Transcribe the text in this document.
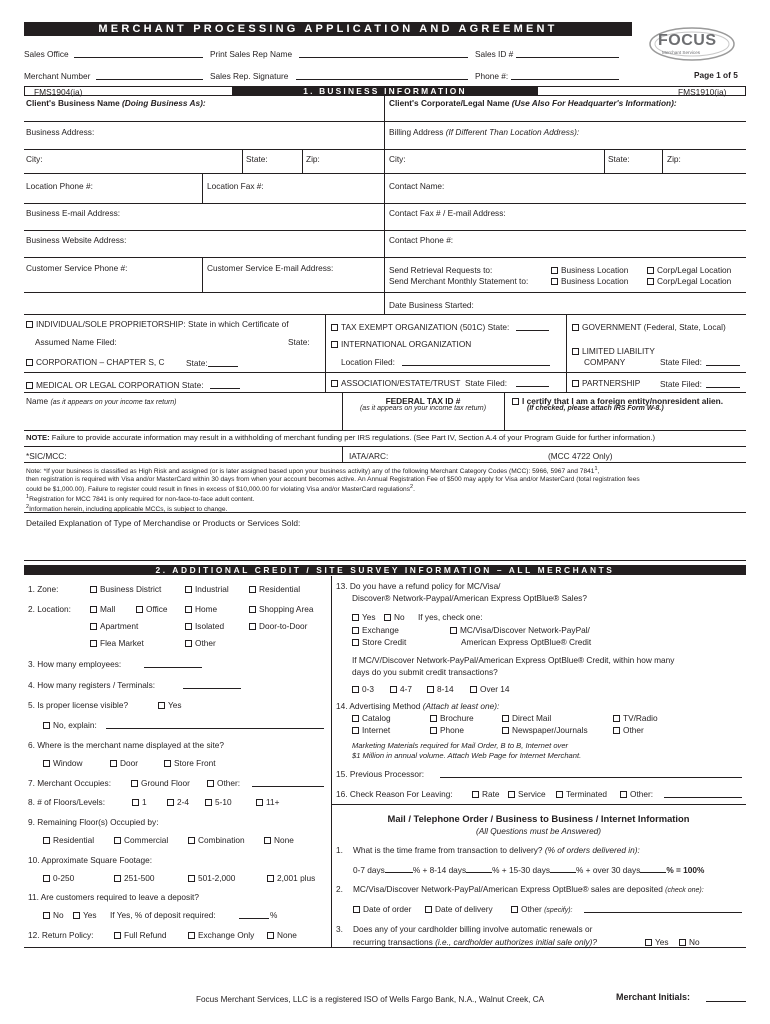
MERCHANT PROCESSING APPLICATION AND AGREEMENT
FOCUS
Merchant Services
Sales Office	Print Sales Rep Name	Sales ID #
Merchant Number	Sales Rep. Signature	Phone #:	Page 1 of 5
FMS1904(ia)	1. BUSINESS INFORMATION	FMS1910(ia)
Client's Business Name (Doing Business As):	Client's Corporate/Legal Name (Use Also For Headquarter's Information):
Business Address:	Billing Address (If Different Than Location Address):
City:	State:	Zip:	City:	State:	Zip:
Location Phone #:	Location Fax #:	Contact Name:
Business E-mail Address:	Contact Fax # / E-mail Address:
Business Website Address:	Contact Phone #:
Customer Service Phone #:	Customer Service E-mail Address:	Send Retrieval Requests to:	Business Location	Corp/Legal Location
Send Merchant Monthly Statement to:	Business Location	Corp/Legal Location
Date Business Started:
INDIVIDUAL/SOLE PROPRIETORSHIP: State in which Certificate of
Assumed Name Filed:	State:
CORPORATION – CHAPTER S, C	State:
MEDICAL OR LEGAL CORPORATION State:
TAX EXEMPT ORGANIZATION (501C) State:
INTERNATIONAL ORGANIZATION
Location Filed:
ASSOCIATION/ESTATE/TRUST State Filed:
GOVERNMENT (Federal, State, Local)
LIMITED LIABILITY
COMPANY	State Filed:
PARTNERSHIP State Filed:
Name (as it appears on your income tax return)	FEDERAL TAX ID #
(as it appears on your income tax return)
I certify that I am a foreign entity/nonresident alien.
(If checked, please attach IRS Form W-8.)
NOTE: Failure to provide accurate information may result in a withholding of merchant funding per IRS regulations. (See Part IV, Section A.4 of your Program Guide for further information.)
*SIC/MCC:	IATA/ARC:	(MCC 4722 Only)
Note: *If your business is classified as High Risk and assigned (or is later assigned based upon your business activity) any of the following Merchant Category Codes (MCC): 5966, 5967 and 7841$^1$,
then registration is required with Visa and/or MasterCard within 30 days from when your account becomes active. An Annual Registration Fee of $500 may apply for Visa and/or MasterCard (total registration fees
could be $1,000.00). Failure to register could result in fines in excess of $10,000.00 for violating Visa and/or MasterCard regulations$^2$.
$^1$Registration for MCC 7841 is only required for non-face-to-face adult content.
$^2$Information herein, including applicable MCCs, is subject to change.
Detailed Explanation of Type of Merchandise or Products or Services Sold:
2. ADDITIONAL CREDIT / SITE SURVEY INFORMATION – ALL MERCHANTS
1. Zone:	Business District	Industrial	Residential
2. Location:	Mall	Office	Home	Shopping Area
Apartment	Isolated	Door-to-Door
Flea Market	Other
3. How many employees:
4. How many registers / Terminals:
5. Is proper license visible?	Yes
No, explain:
6. Where is the merchant name displayed at the site?
Window	Door	Store Front
7. Merchant Occupies:	Ground Floor	Other:
8. # of Floors/Levels:	1	2-4	5-10	11+
9. Remaining Floor(s) Occupied by:
Residential	Commercial	Combination	None
10. Approximate Square Footage:
0-250	251-500	501-2,000	2,001 plus
11. Are customers required to leave a deposit?
No	Yes If Yes, % of deposit required:	%
12. Return Policy:	Full Refund	Exchange Only	None
13. Do you have a refund policy for MC/Visa/
Discover® Network-Paypal/American Express OptBlue® Sales?
Yes	No If yes, check one:
Exchange	MC/Visa/Discover Network-PayPal/
Store Credit	American Express OptBlue® Credit
If MC/V/Discover Network-PayPal/American Express OptBlue® Credit, within how many
days do you submit credit transactions?
0-3	4-7	8-14	Over 14
14. Advertising Method (Attach at least one):
Catalog	Brochure	Direct Mail	TV/Radio
Internet	Phone	Newspaper/Journals	Other
Marketing Materials required for Mail Order, B to B, Internet over
$1 Million in annual volume. Attach Web Page for Internet Merchant.
15. Previous Processor:
16. Check Reason For Leaving:	Rate	Service	Terminated	Other:
Mail / Telephone Order / Business to Business / Internet Information
(All Questions must be Answered)
1. What is the time frame from transaction to delivery? (% of orders delivered in):
0-7 days	% + 8-14 days	% + 15-30 days	% + over 30 days	% = 100%
2. MC/Visa/Discover Network-PayPal/American Express OptBlue® sales are deposited (check one):
Date of order	Date of delivery	Other (specify):
3. Does any of your cardholder billing involve automatic renewals or
recurring transactions (i.e., cardholder authorizes initial sale only)?	Yes	No
Focus Merchant Services, LLC is a registered ISO of Wells Fargo Bank, N.A., Walnut Creek, CA	Merchant Initials:
